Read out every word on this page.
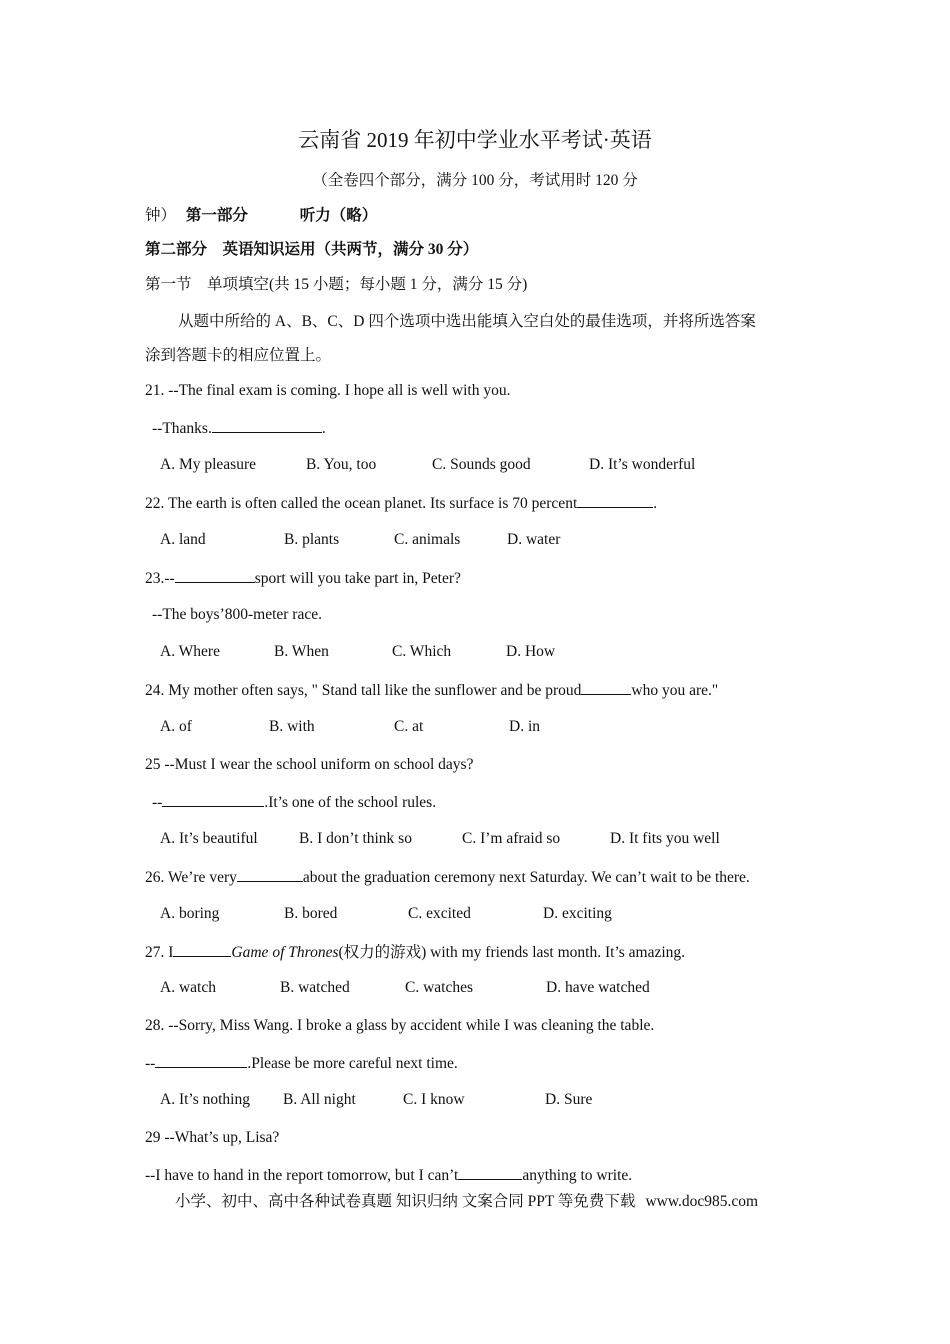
云南省 2019 年初中学业水平考试·英语
（全卷四个部分，满分 100 分，考试用时 120 分
钟） 第一部分	听力（略）
第二部分　英语知识运用（共两节，满分 30 分）
第一节　单项填空(共 15 小题；每小题 1 分，满分 15 分)
从题中所给的 A、B、C、D 四个选项中选出能填入空白处的最佳选项，并将所选答案
涂到答题卡的相应位置上。
21. --The final exam is coming. I hope all is well with you.
--Thanks.	.
A. My pleasure	B. You, too	C. Sounds good	D. It’s wonderful
22. The earth is often called the ocean planet. Its surface is 70 percent	.
A. land	B. plants	C. animals	D. water
23.--	sport will you take part in, Peter?
--The boys’800-meter race.
A. Where	B. When	C. Which	D. How
24. My mother often says, " Stand tall like the sunflower and be proud	who you are."
A. of	B. with	C. at	D. in
25 --Must I wear the school uniform on school days?
--	.It’s one of the school rules.
A. It’s beautiful	B. I don’t think so	C. I’m afraid so	D. It fits you well
26. We’re very	about the graduation ceremony next Saturday. We can’t wait to be there.
A. boring	B. bored	C. excited	D. exciting
27. I	Game of Thrones(权力的游戏) with my friends last month. It’s amazing.
A. watch	B. watched	C. watches	D. have watched
28. --Sorry, Miss Wang. I broke a glass by accident while I was cleaning the table.
--	.Please be more careful next time.
A. It’s nothing B. All night	C. I know	D. Sure
29 --What’s up, Lisa?
--I have to hand in the report tomorrow, but I can’t	anything to write.
小学、初中、高中各种试卷真题 知识归纳 文案合同 PPT 等免费下载 www.doc985.com
